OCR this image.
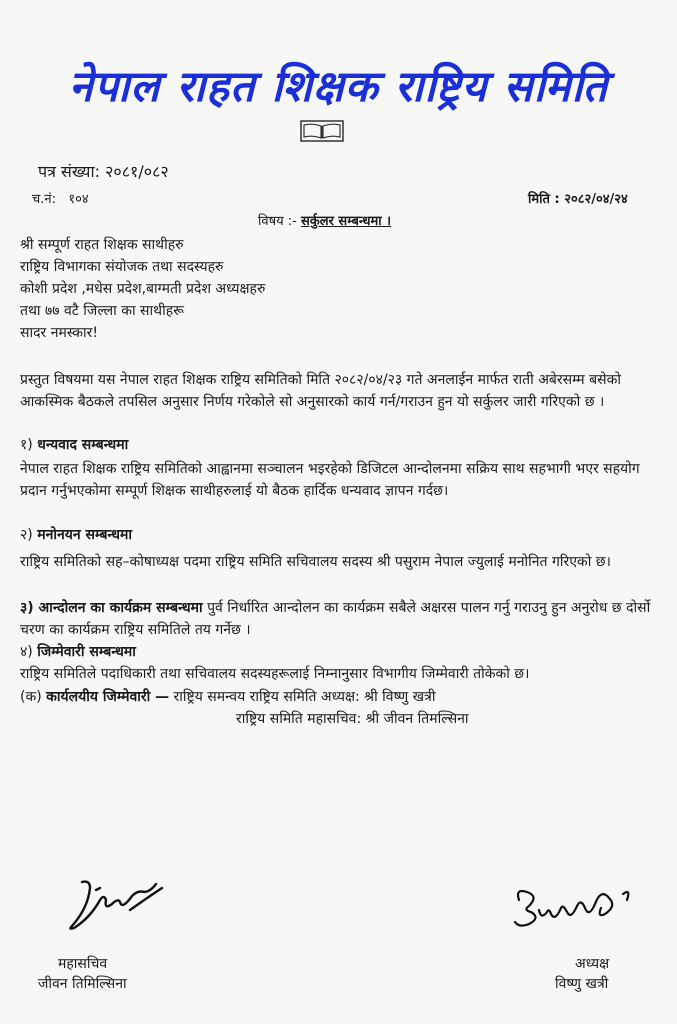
नेपाल राहत शिक्षक राष्ट्रिय समिति
पत्र संख्या: २०८१/०८२
च.नं: १०४	मिति : २०८२/०४/२४
विषय :- सर्कुलर सम्बन्धमा ।
श्री सम्पूर्ण राहत शिक्षक साथीहरु
राष्ट्रिय विभागका संयोजक तथा सदस्यहरु
कोशी प्रदेश ,मधेस प्रदेश,बाग्मती प्रदेश अध्यक्षहरु
तथा ७७ वटै जिल्ला का साथीहरू
सादर नमस्कार!
प्रस्तुत विषयमा यस नेपाल राहत शिक्षक राष्ट्रिय समितिको मिति २०८२/०४/२३ गते अनलाईन मार्फत राती अबेरसम्म बसेको आकस्मिक बैठकले तपसिल अनुसार निर्णय गरेकोले सो अनुसारको कार्य गर्न/गराउन हुन यो सर्कुलर जारी गरिएको छ ।
१) धन्यवाद सम्बन्धमा
नेपाल राहत शिक्षक राष्ट्रिय समितिको आह्वानमा सञ्चालन भइरहेको डिजिटल आन्दोलनमा सक्रिय साथ सहभागी भएर सहयोग प्रदान गर्नुभएकोमा सम्पूर्ण शिक्षक साथीहरुलाई यो बैठक हार्दिक धन्यवाद ज्ञापन गर्दछ।
२) मनोनयन सम्बन्धमा
राष्ट्रिय समितिको सह–कोषाध्यक्ष पदमा राष्ट्रिय समिति सचिवालय सदस्य श्री पसुराम नेपाल ज्युलाई मनोनित गरिएको छ।
३) आन्दोलन का कार्यक्रम सम्बन्धमा पुर्व निर्धारित आन्दोलन का कार्यक्रम सबैले अक्षरस पालन गर्नु गराउनु हुन अनुरोध छ दोर्सो चरण का कार्यक्रम राष्ट्रिय समितिले तय गर्नेछ ।
४) जिम्मेवारी सम्बन्धमा
राष्ट्रिय समितिले पदाधिकारी तथा सचिवालय सदस्यहरूलाई निम्नानुसार विभागीय जिम्मेवारी तोकेको छ।
(क) कार्यलयीय जिम्मेवारी — राष्ट्रिय समन्वय राष्ट्रिय समिति अध्यक्ष: श्री विष्णु खत्री
राष्ट्रिय समिति महासचिव: श्री जीवन तिमल्सिना
महासचिव
जीवन तिमिल्सिना
अध्यक्ष
विष्णु खत्री
